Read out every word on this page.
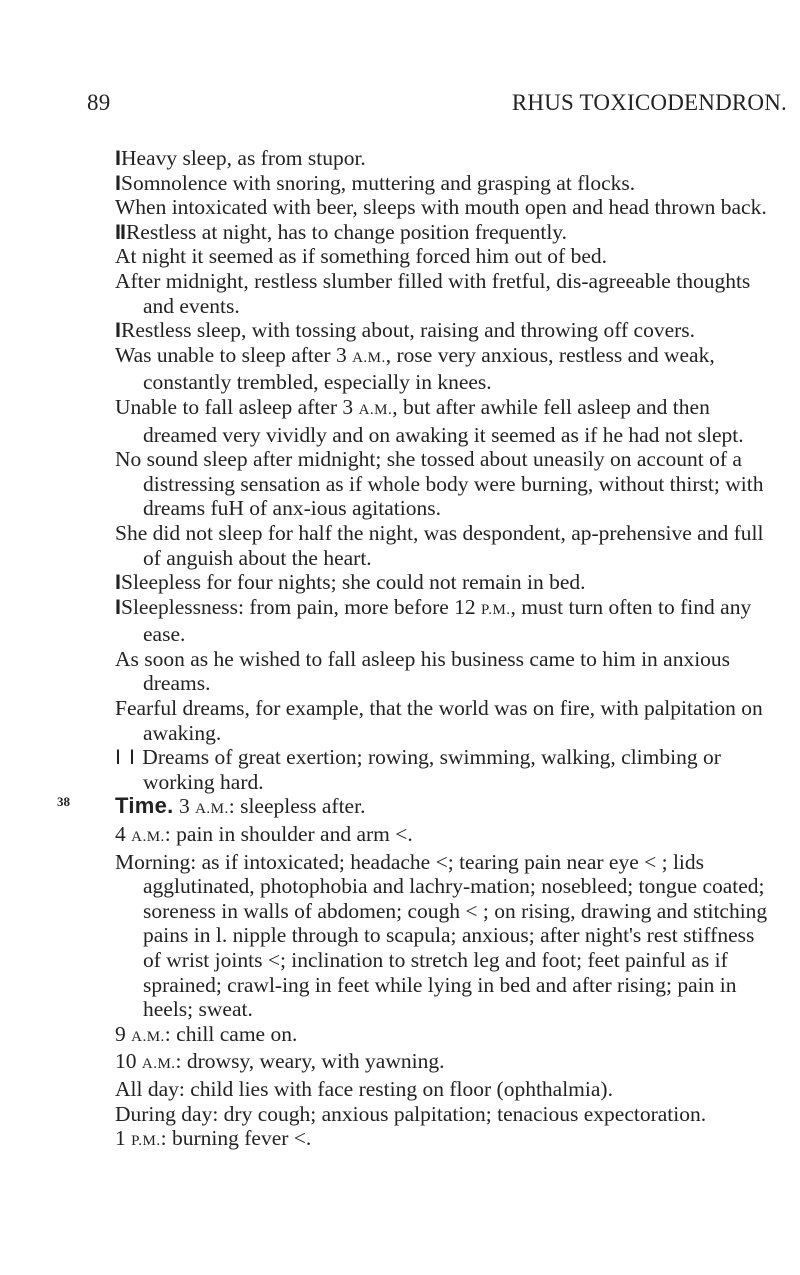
89	RHUS TOXICODENDRON.

IHeavy sleep, as from stupor.

ISomnolence with snoring, muttering and grasping at flocks.

When intoxicated with beer, sleeps with mouth open and head thrown back.

IIRestless at night, has to change position frequently.

At night it seemed as if something forced him out of bed.

After midnight, restless slumber filled with fretful, dis-agreeable thoughts and events.

IRestless sleep, with tossing about, raising and throwing off covers.

Was unable to sleep after 3 A.M., rose very anxious, restless and weak, constantly trembled, especially in knees.

Unable to fall asleep after 3 A.M., but after awhile fell asleep and then dreamed very vividly and on awaking it seemed as if he had not slept.

No sound sleep after midnight; she tossed about uneasily on account of a distressing sensation as if whole body were burning, without thirst; with dreams fuH of anx-ious agitations.

She did not sleep for half the night, was despondent, ap-prehensive and full of anguish about the heart.

ISleepless for four nights; she could not remain in bed.

ISleeplessness: from pain, more before 12 P.M., must turn often to find any ease.

As soon as he wished to fall asleep his business came to him in anxious dreams.

Fearful dreams, for example, that the world was on fire, with palpitation on awaking.

I I Dreams of great exertion; rowing, swimming, walking, climbing or working hard.

38	Time. 3 A.M.: sleepless after.

4 A.M.: pain in shoulder and arm <.

Morning: as if intoxicated; headache <; tearing pain near eye < ; lids agglutinated, photophobia and lachry-mation; nosebleed; tongue coated; soreness in walls of abdomen; cough < ; on rising, drawing and stitching pains in l. nipple through to scapula; anxious; after night's rest stiffness of wrist joints <; inclination to stretch leg and foot; feet painful as if sprained; crawl-ing in feet while lying in bed and after rising; pain in heels; sweat.

9 A.M.: chill came on.

10 A.M.: drowsy, weary, with yawning.

All day: child lies with face resting on floor (ophthalmia).

During day: dry cough; anxious palpitation; tenacious expectoration.

1 P.M.: burning fever <.
